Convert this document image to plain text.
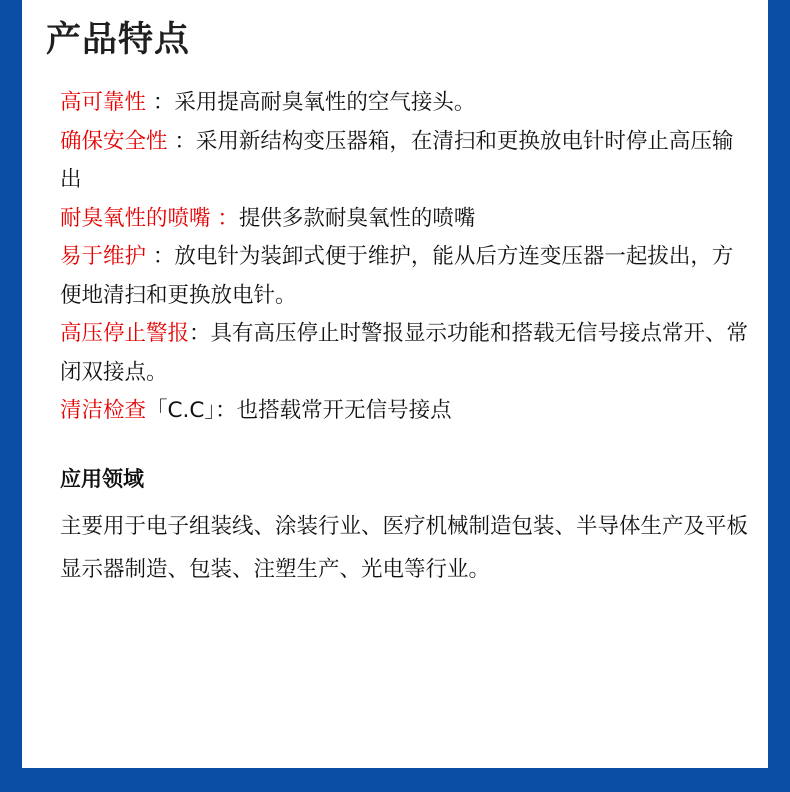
产品特点

高可靠性 ：采用提高耐臭氧性的空气接头。

确保安全性 ：采用新结构变压器箱，在清扫和更换放电针时停止高压输出

耐臭氧性的喷嘴 ：提供多款耐臭氧性的喷嘴

易于维护 ：放电针为装卸式便于维护，能从后方连变压器一起拔出，方便地清扫和更换放电针。

高压停止警报：具有高压停止时警报显示功能和搭载无信号接点常开、常闭双接点。

清洁检查「C.C」：也搭载常开无信号接点

应用领域
主要用于电子组装线、涂装行业、医疗机械制造包装、半导体生产及平板显示器制造、包装、注塑生产、光电等行业。
